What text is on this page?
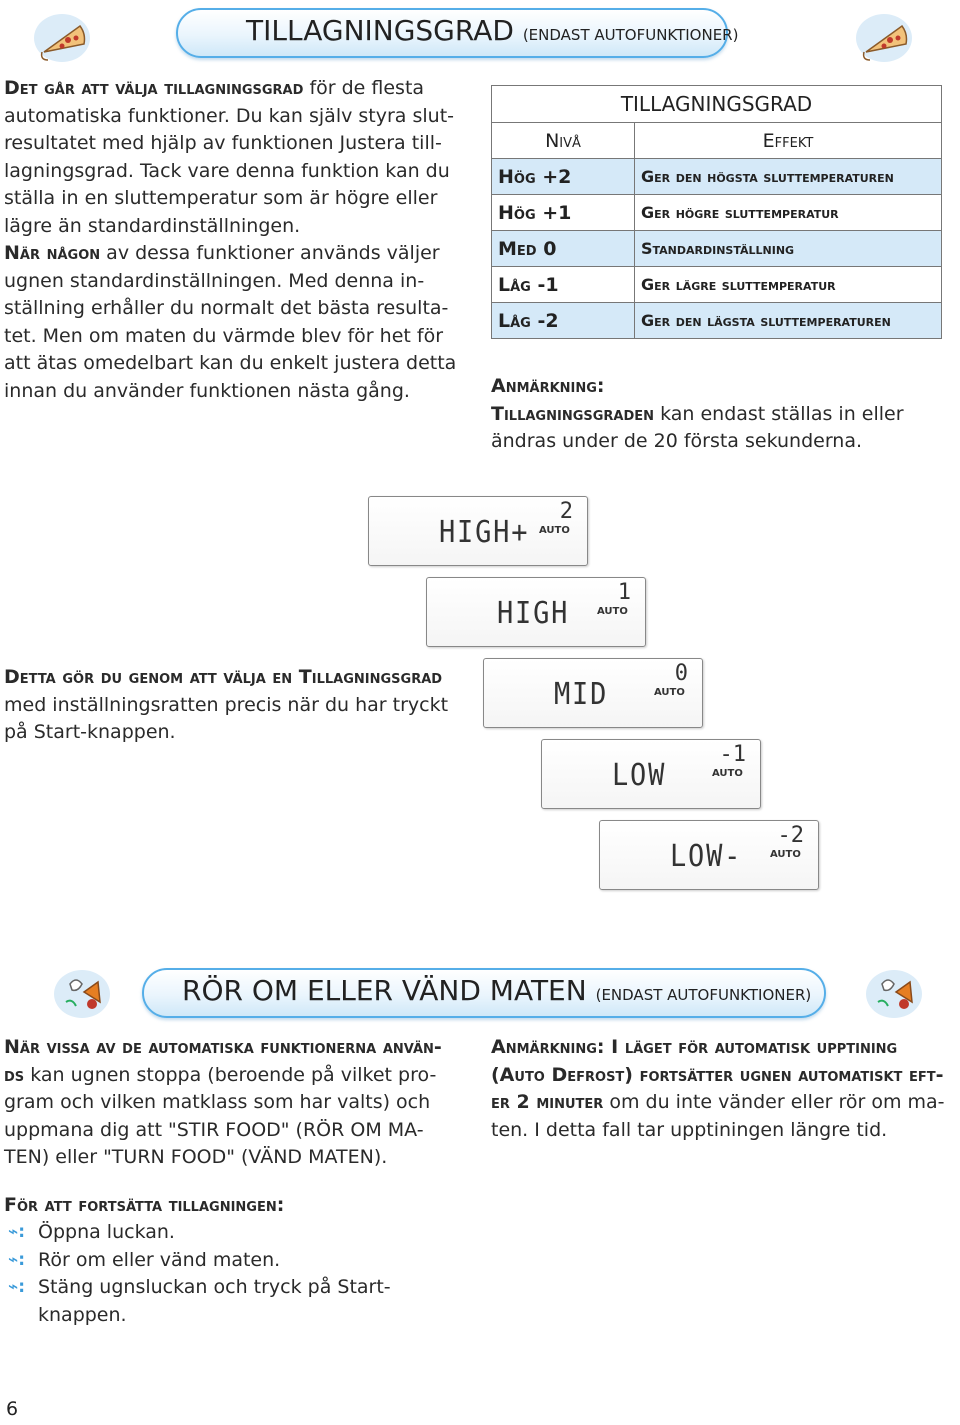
TILLAGNINGSGRAD (ENDAST AUTOFUNKTIONER)
Det går att välja tillagningsgrad för de flesta
automatiska funktioner. Du kan själv styra slut-
resultatet med hjälp av funktionen Justera till-
lagningsgrad. Tack vare denna funktion kan du
ställa in en sluttemperatur som är högre eller
lägre än standardinställningen.
När någon av dessa funktioner används väljer
ugnen standardinställningen. Med denna in-
ställning erhåller du normalt det bästa resulta-
tet. Men om maten du värmde blev för het för
att ätas omedelbart kan du enkelt justera detta
innan du använder funktionen nästa gång.
TILLAGNINGSGRAD	
Nivå	Effekt
Hög +2	Ger den högsta sluttemperaturen
Hög +1	Ger högre sluttemperatur
Med 0	Standardinställning
Låg -1	Ger lägre sluttemperatur
Låg -2	Ger den lägsta sluttemperaturen
Anmärkning:
Tillagningsgraden kan endast ställas in eller
ändras under de 20 första sekunderna.
Detta gör du genom att välja en Tillagningsgrad
med inställningsratten precis när du har tryckt
på Start-knappen.
HIGH+
2
AUTO
HIGH
1
AUTO
MID
0
AUTO
LOW
-1
AUTO
LOW-
-2
AUTO
RÖR OM ELLER VÄND MATEN (ENDAST AUTOFUNKTIONER)
När vissa av de automatiska funktionerna använ-
ds kan ugnen stoppa (beroende på vilket pro-
gram och vilken matklass som har valts) och
uppmana dig att "STIR FOOD" (RÖR OM MA-
TEN) eller "TURN FOOD" (VÄND MATEN).
Anmärkning: I läget för automatisk upptining
(Auto Defrost) fortsätter ugnen automatiskt eft-
er 2 minuter om du inte vänder eller rör om ma-
ten. I detta fall tar upptiningen längre tid.
För att fortsätta tillagningen:
⌁: Öppna luckan.
⌁: Rör om eller vänd maten.
⌁: Stäng ugnsluckan och tryck på Start-
knappen.
6
